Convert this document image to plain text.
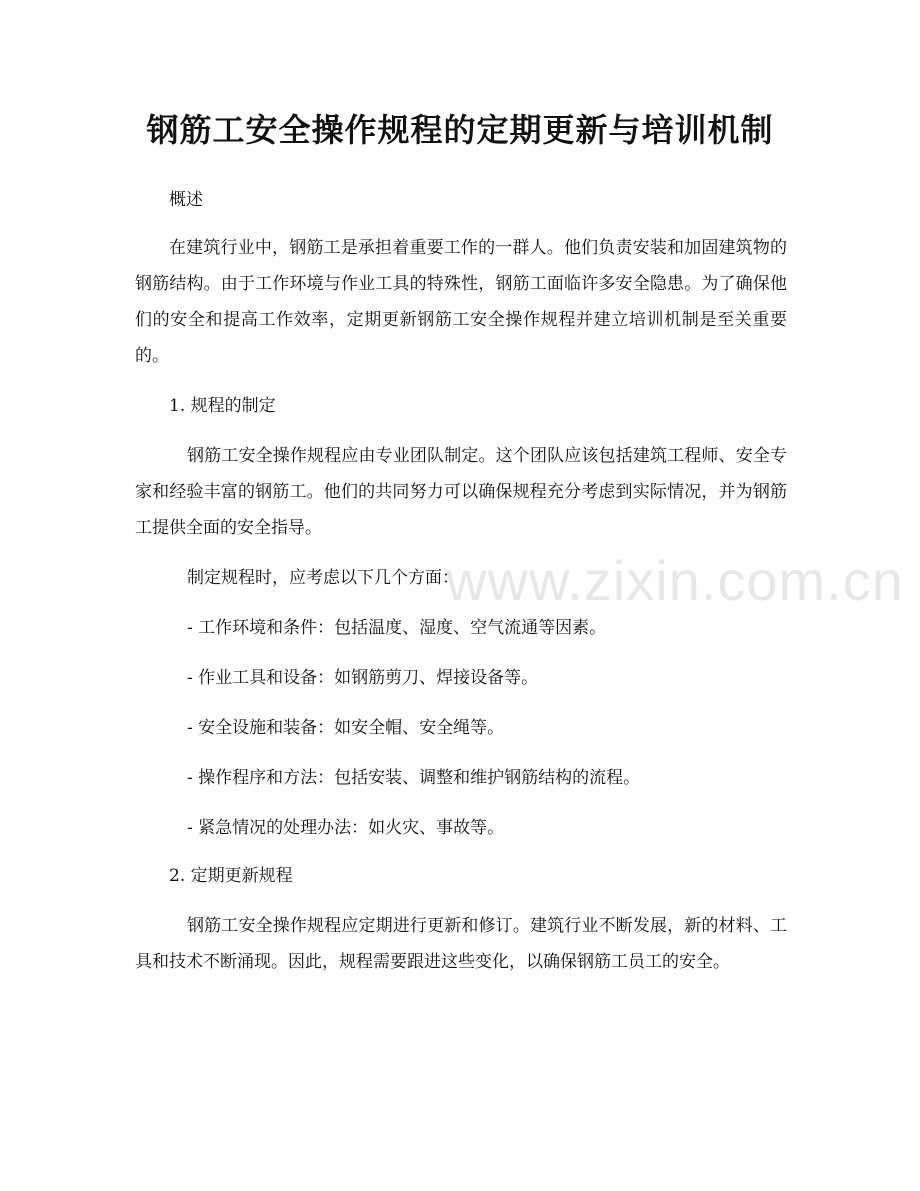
钢筋工安全操作规程的定期更新与培训机制

概述

在建筑行业中，钢筋工是承担着重要工作的一群人。他们负责安装和加固建筑物的钢筋结构。由于工作环境与作业工具的特殊性，钢筋工面临许多安全隐患。为了确保他们的安全和提高工作效率，定期更新钢筋工安全操作规程并建立培训机制是至关重要的。

1. 规程的制定

钢筋工安全操作规程应由专业团队制定。这个团队应该包括建筑工程师、安全专家和经验丰富的钢筋工。他们的共同努力可以确保规程充分考虑到实际情况，并为钢筋工提供全面的安全指导。

制定规程时，应考虑以下几个方面：

- 工作环境和条件：包括温度、湿度、空气流通等因素。

- 作业工具和设备：如钢筋剪刀、焊接设备等。

- 安全设施和装备：如安全帽、安全绳等。

- 操作程序和方法：包括安装、调整和维护钢筋结构的流程。

- 紧急情况的处理办法：如火灾、事故等。

2. 定期更新规程

钢筋工安全操作规程应定期进行更新和修订。建筑行业不断发展，新的材料、工具和技术不断涌现。因此，规程需要跟进这些变化，以确保钢筋工员工的安全。

www.zixin.com.cn
